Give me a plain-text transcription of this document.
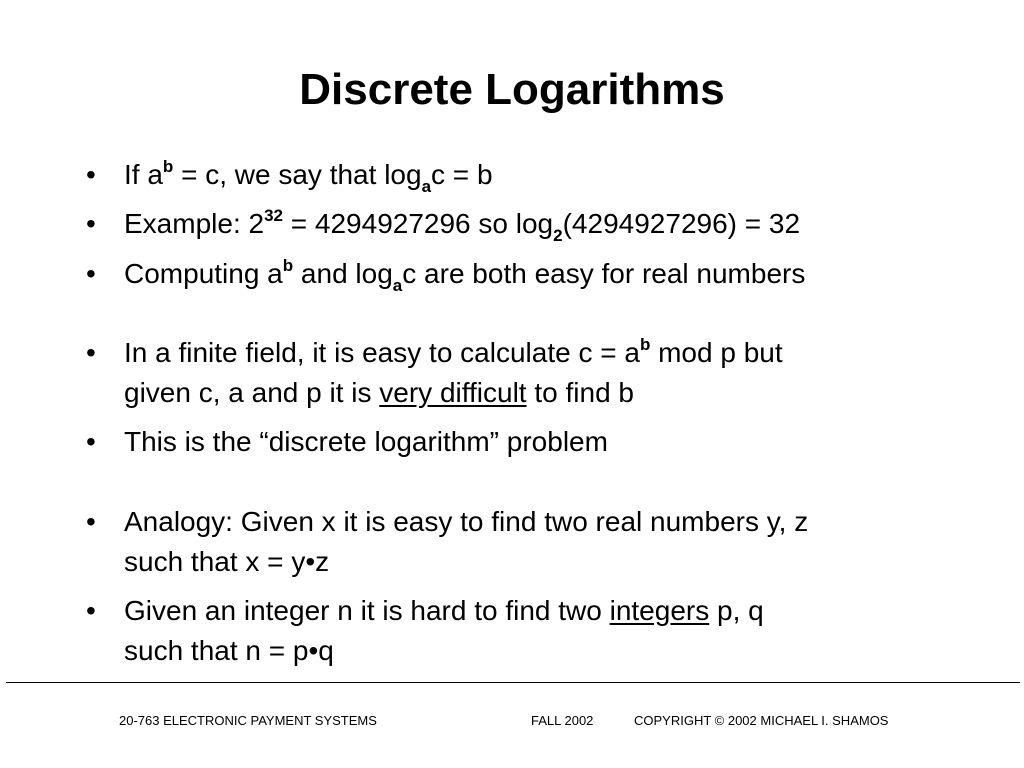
Discrete Logarithms
•	If $a^b = c$, we say that $\log_ac = b$
•	Example: $2^{32} = 4294927296$ so $\log_2(4294927296) = 32$
•	Computing $a^b$ and $\log_ac$ are both easy for real numbers
•	In a finite field, it is easy to calculate $c = a^b$ mod p but
given c, a and p it is very difficult to find b
•	This is the “discrete logarithm” problem
•	Analogy: Given x it is easy to find two real numbers y, z
such that x = y•z
•	Given an integer n it is hard to find two integers p, q
such that n = p•q
20-763 ELECTRONIC PAYMENT SYSTEMS	FALL 2002	COPYRIGHT © 2002 MICHAEL I. SHAMOS
